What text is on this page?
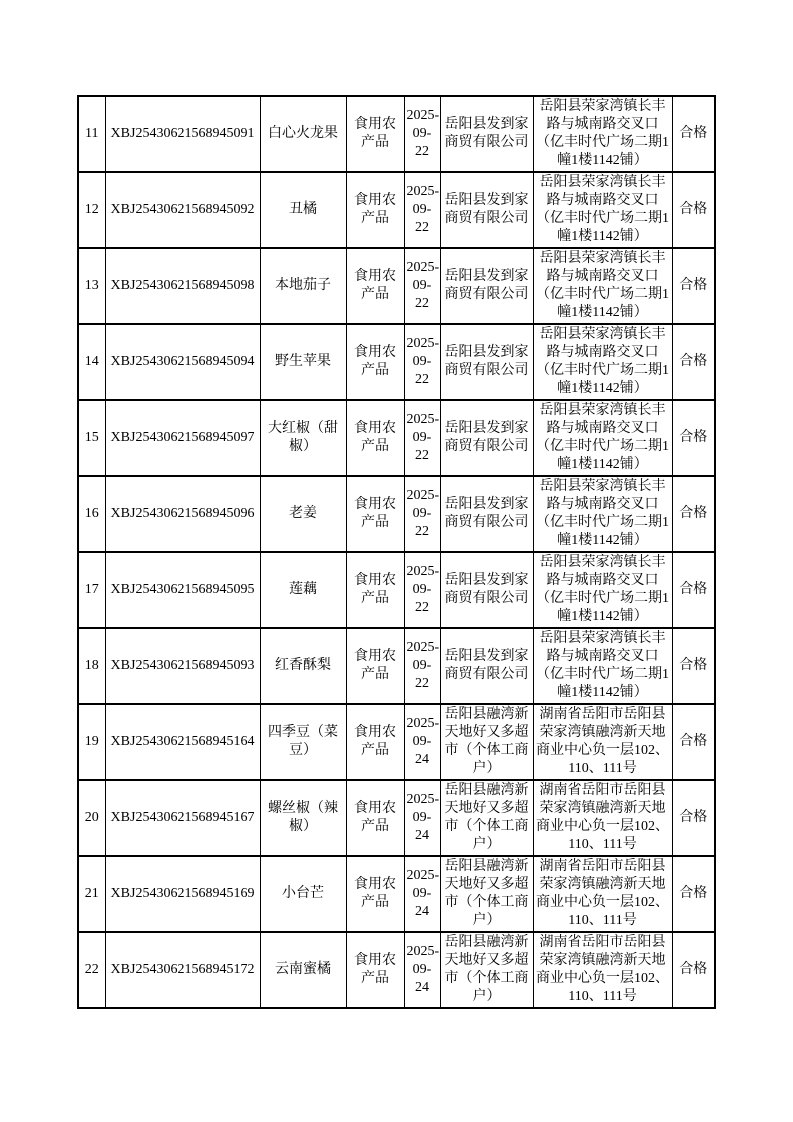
11	XBJ25430621568945091	白心火龙果	食用农产品	2025-09-22	岳阳县发到家商贸有限公司	岳阳县荣家湾镇长丰路与城南路交叉口（亿丰时代广场二期1幢1楼1142铺）	合格
12	XBJ25430621568945092	丑橘	食用农产品	2025-09-22	岳阳县发到家商贸有限公司	岳阳县荣家湾镇长丰路与城南路交叉口（亿丰时代广场二期1幢1楼1142铺）	合格
13	XBJ25430621568945098	本地茄子	食用农产品	2025-09-22	岳阳县发到家商贸有限公司	岳阳县荣家湾镇长丰路与城南路交叉口（亿丰时代广场二期1幢1楼1142铺）	合格
14	XBJ25430621568945094	野生苹果	食用农产品	2025-09-22	岳阳县发到家商贸有限公司	岳阳县荣家湾镇长丰路与城南路交叉口（亿丰时代广场二期1幢1楼1142铺）	合格
15	XBJ25430621568945097	大红椒（甜椒）	食用农产品	2025-09-22	岳阳县发到家商贸有限公司	岳阳县荣家湾镇长丰路与城南路交叉口（亿丰时代广场二期1幢1楼1142铺）	合格
16	XBJ25430621568945096	老姜	食用农产品	2025-09-22	岳阳县发到家商贸有限公司	岳阳县荣家湾镇长丰路与城南路交叉口（亿丰时代广场二期1幢1楼1142铺）	合格
17	XBJ25430621568945095	莲藕	食用农产品	2025-09-22	岳阳县发到家商贸有限公司	岳阳县荣家湾镇长丰路与城南路交叉口（亿丰时代广场二期1幢1楼1142铺）	合格
18	XBJ25430621568945093	红香酥梨	食用农产品	2025-09-22	岳阳县发到家商贸有限公司	岳阳县荣家湾镇长丰路与城南路交叉口（亿丰时代广场二期1幢1楼1142铺）	合格
19	XBJ25430621568945164	四季豆（菜豆）	食用农产品	2025-09-24	岳阳县融湾新天地好又多超市（个体工商户）	湖南省岳阳市岳阳县荣家湾镇融湾新天地商业中心负一层102、110、111号	合格
20	XBJ25430621568945167	螺丝椒（辣椒）	食用农产品	2025-09-24	岳阳县融湾新天地好又多超市（个体工商户）	湖南省岳阳市岳阳县荣家湾镇融湾新天地商业中心负一层102、110、111号	合格
21	XBJ25430621568945169	小台芒	食用农产品	2025-09-24	岳阳县融湾新天地好又多超市（个体工商户）	湖南省岳阳市岳阳县荣家湾镇融湾新天地商业中心负一层102、110、111号	合格
22	XBJ25430621568945172	云南蜜橘	食用农产品	2025-09-24	岳阳县融湾新天地好又多超市（个体工商户）	湖南省岳阳市岳阳县荣家湾镇融湾新天地商业中心负一层102、110、111号	合格
